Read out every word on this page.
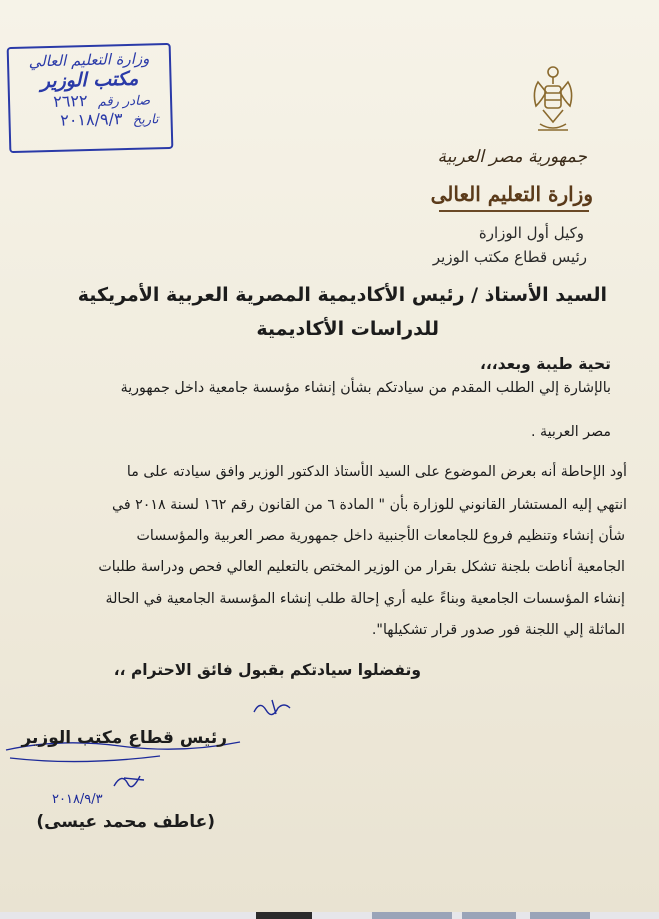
وزارة التعليم العالي
مكتب الوزير
صادر رقم ٢٦٢٢
تاريخ ٢٠١٨/٩/٣
جمهورية مصر العربية
وزارة التعليم العالى
وكيل أول الوزارة
رئيس قطاع مكتب الوزير
السيد الأستاذ / رئيس الأكاديمية المصرية العربية الأمريكية
للدراسات الأكاديمية
تحية طيبة وبعد،،،
بالإشارة إلي الطلب المقدم من سيادتكم بشأن إنشاء مؤسسة جامعية داخل جمهورية
مصر العربية .
أود الإحاطة أنه بعرض الموضوع على السيد الأستاذ الدكتور الوزير وافق سيادته على ما
انتهي إليه المستشار القانوني للوزارة بأن " المادة ٦ من القانون رقم ١٦٢ لسنة ٢٠١٨ في
شأن إنشاء وتنظيم فروع للجامعات الأجنبية داخل جمهورية مصر العربية والمؤسسات
الجامعية أناطت بلجنة تشكل بقرار من الوزير المختص بالتعليم العالي فحص ودراسة طلبات
إنشاء المؤسسات الجامعية وبناءً عليه أري إحالة طلب إنشاء المؤسسة الجامعية في الحالة
الماثلة إلي اللجنة فور صدور قرار تشكيلها".
وتفضلوا سيادتكم بقبول فائق الاحترام ،،
رئيس قطاع مكتب الوزير
٢٠١٨/٩/٣
(عاطف محمد عيسى)
